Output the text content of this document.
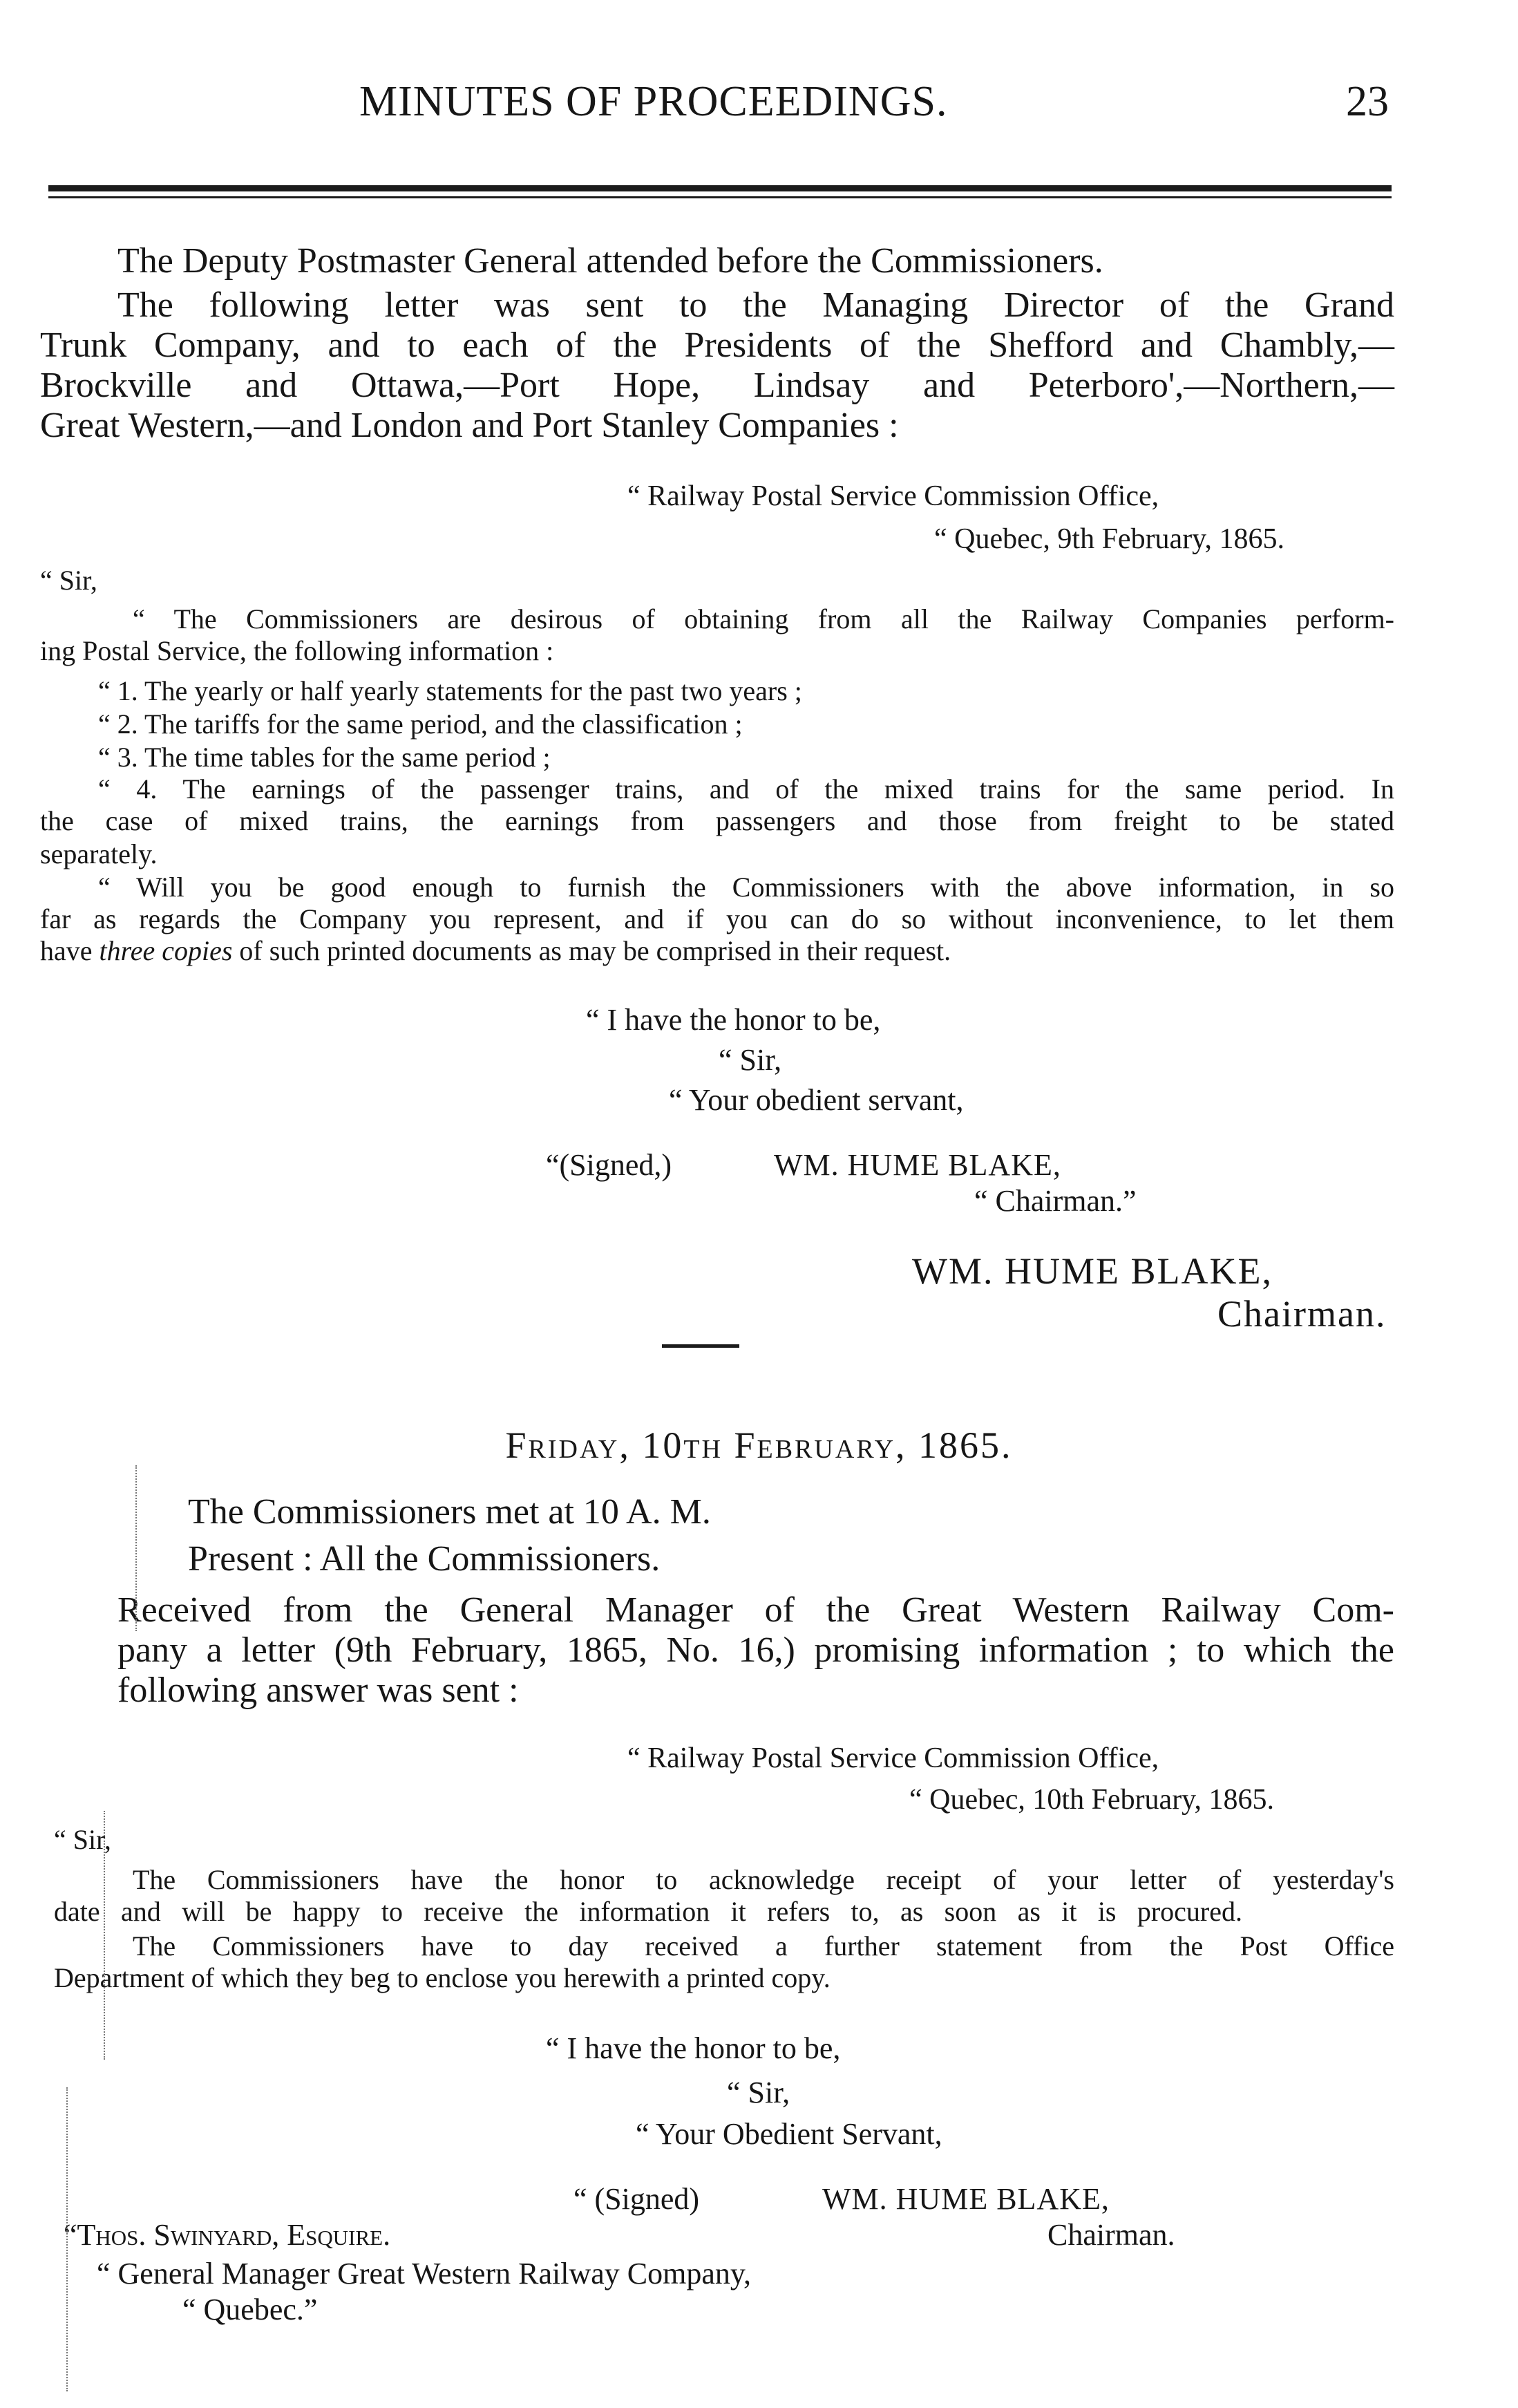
MINUTES OF PROCEEDINGS.	23
The Deputy Postmaster General attended before the Commissioners.
The following letter was sent to the Managing Director of the Grand
Trunk Company, and to each of the Presidents of the Shefford and Chambly,—
Brockville and Ottawa,—Port Hope, Lindsay and Peterboro',—Northern,—
Great Western,—and London and Port Stanley Companies :
“ Railway Postal Service Commission Office,
“ Quebec, 9th February, 1865.
“ Sir,
“ The Commissioners are desirous of obtaining from all the Railway Companies perform-
ing Postal Service, the following information :
“ 1. The yearly or half yearly statements for the past two years ;
“ 2. The tariffs for the same period, and the classification ;
“ 3. The time tables for the same period ;
“ 4. The earnings of the passenger trains, and of the mixed trains for the same period. In
the case of mixed trains, the earnings from passengers and those from freight to be stated
separately.
“ Will you be good enough to furnish the Commissioners with the above information, in so
far as regards the Company you represent, and if you can do so without inconvenience, to let them
have three copies of such printed documents as may be comprised in their request.
“ I have the honor to be,
“ Sir,
“ Your obedient servant,
“(Signed,)	WM. HUME BLAKE,
“ Chairman.”
WM. HUME BLAKE,
Chairman.
Friday, 10th February, 1865.
The Commissioners met at 10 A. M.
Present : All the Commissioners.
Received from the General Manager of the Great Western Railway Com-
pany a letter (9th February, 1865, No. 16,) promising information ; to which the
following answer was sent :
“ Railway Postal Service Commission Office,
“ Quebec, 10th February, 1865.
“ Sir,
The Commissioners have the honor to acknowledge receipt of your letter of yesterday's
date and will be happy to receive the information it refers to, as soon as it is procured.
The Commissioners have to day received a further statement from the Post Office
Department of which they beg to enclose you herewith a printed copy.
“ I have the honor to be,
“ Sir,
“ Your Obedient Servant,
“ (Signed)	WM. HUME BLAKE,
Chairman.
“Thos. Swinyard, Esquire.
“ General Manager Great Western Railway Company,
“ Quebec.”
